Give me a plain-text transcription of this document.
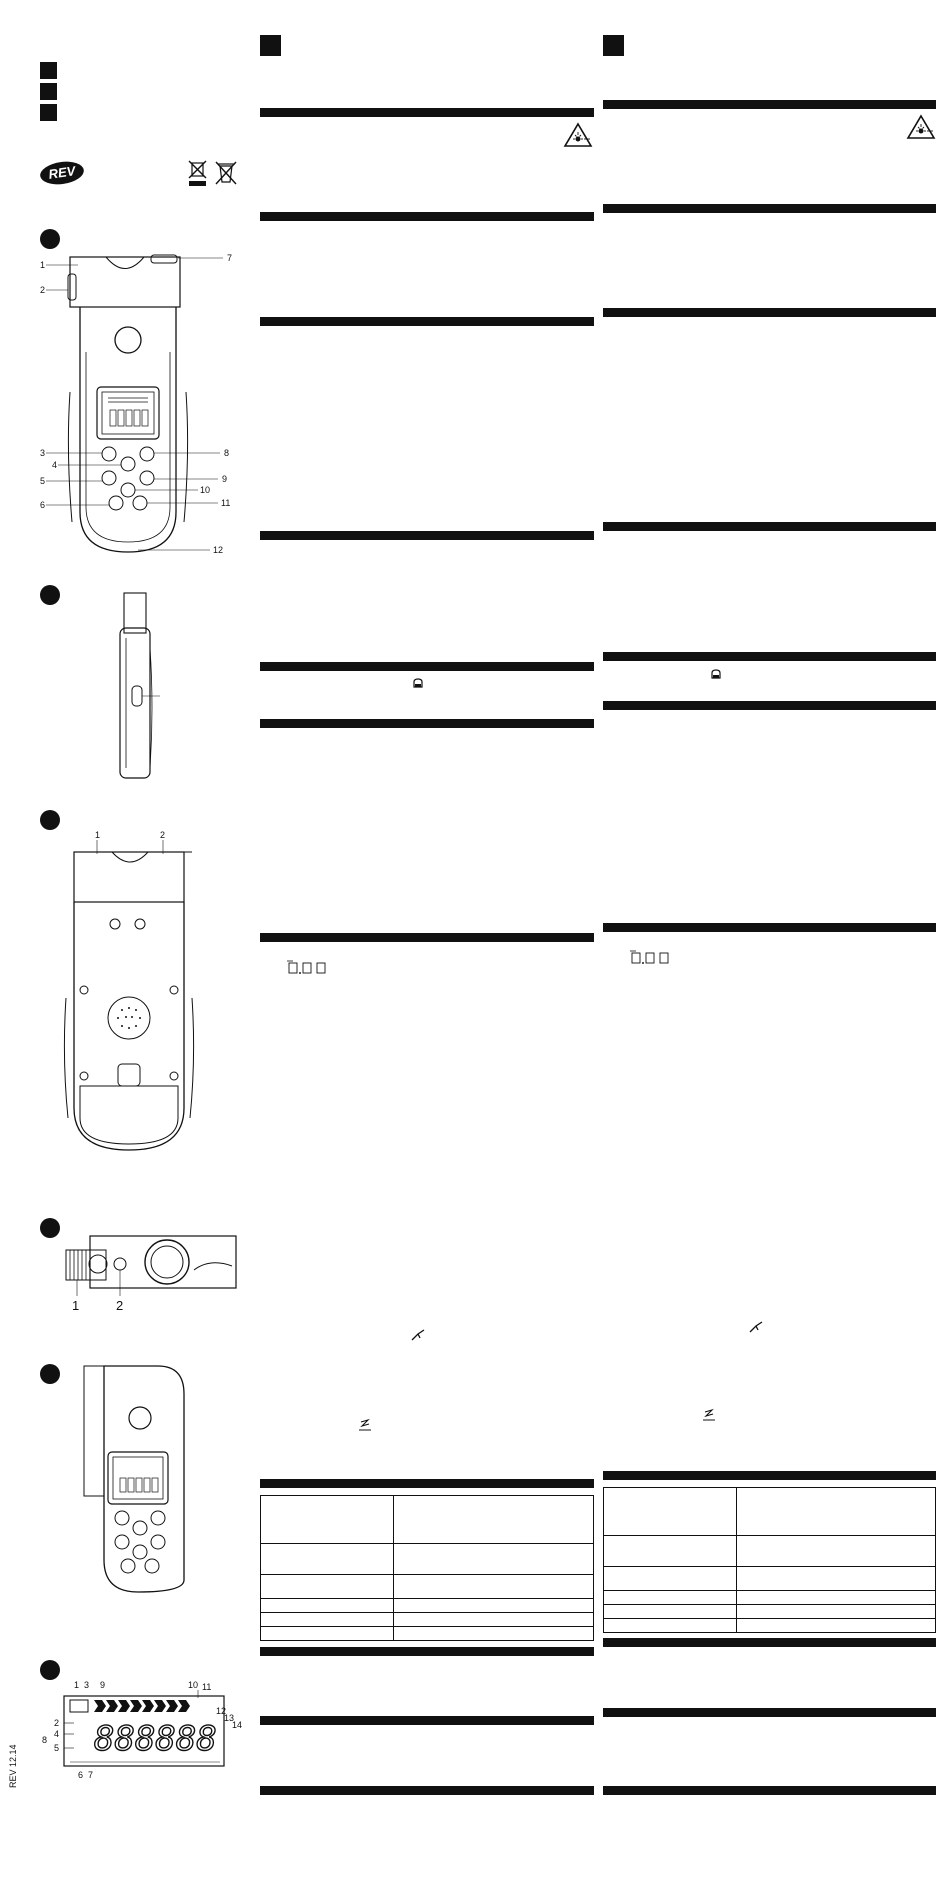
REV
1
2
3
4
5
6
7
8
9
10
11
12
1	2
1	2
1 3 9	10 11
2
4
8
5
12
13
14
6 7
888888
REV 12.14
